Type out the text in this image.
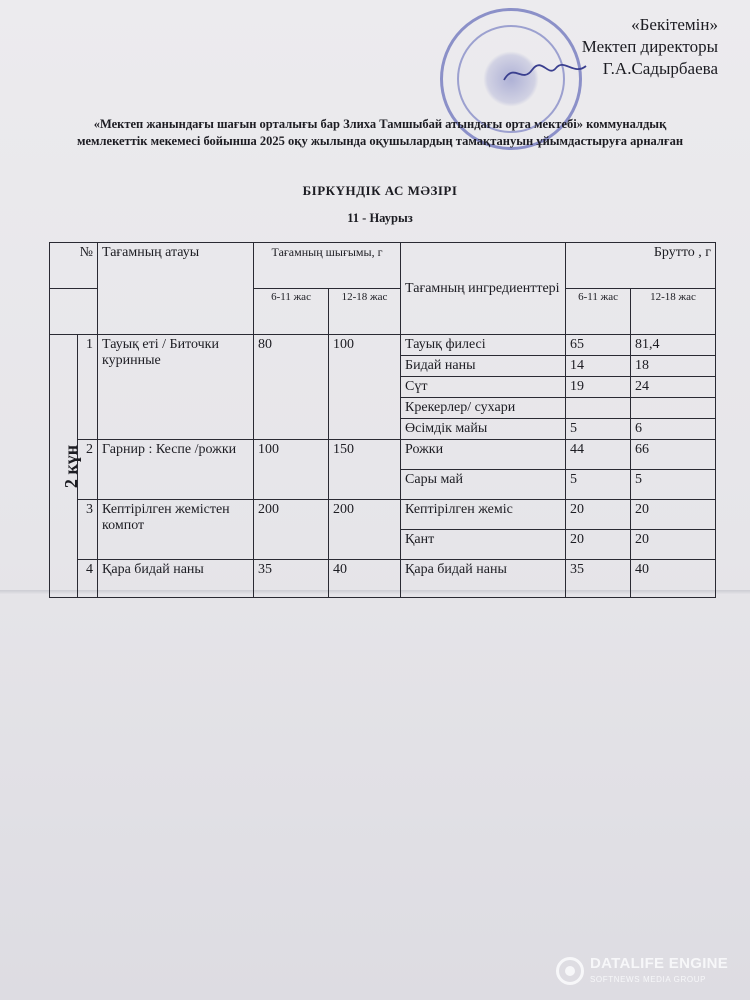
«Бекітемін»
Мектеп директоры
Г.А.Садырбаева
«Мектеп жанындағы шағын орталығы бар Злиха Тамшыбай атындағы орта мектебі» коммуналдық мемлекеттік мекемесі бойынша 2025 оқу жылында оқушылардың тамақтануын ұйымдастыруға арналған
БІРКҮНДІК АС МӘЗІРІ
11 - Наурыз
№		Тағамның атауы	Тағамның шығымы, г		Тағамның ингредиенттері	Брутто , г	
			6-11 жас	12-18 жас		6-11 жас	12-18 жас
2 күн	1	Тауық еті / Биточки куринные	80	100	Тауық филесі	65	81,4
					Бидай наны	14	18
					Сүт	19	24
					Крекерлер/ сухари		
					Өсімдік майы	5	6
	2	Гарнир : Кеспе /рожки	100	150	Рожки	44	66
					Сары май	5	5
	3	Кептірілген жемістен компот	200	200	Кептірілген жеміс	20	20
					Қант	20	20
	4	Қара бидай наны	35	40	Қара бидай наны	35	40
DATALIFE ENGINE
SOFTNEWS MEDIA GROUP
